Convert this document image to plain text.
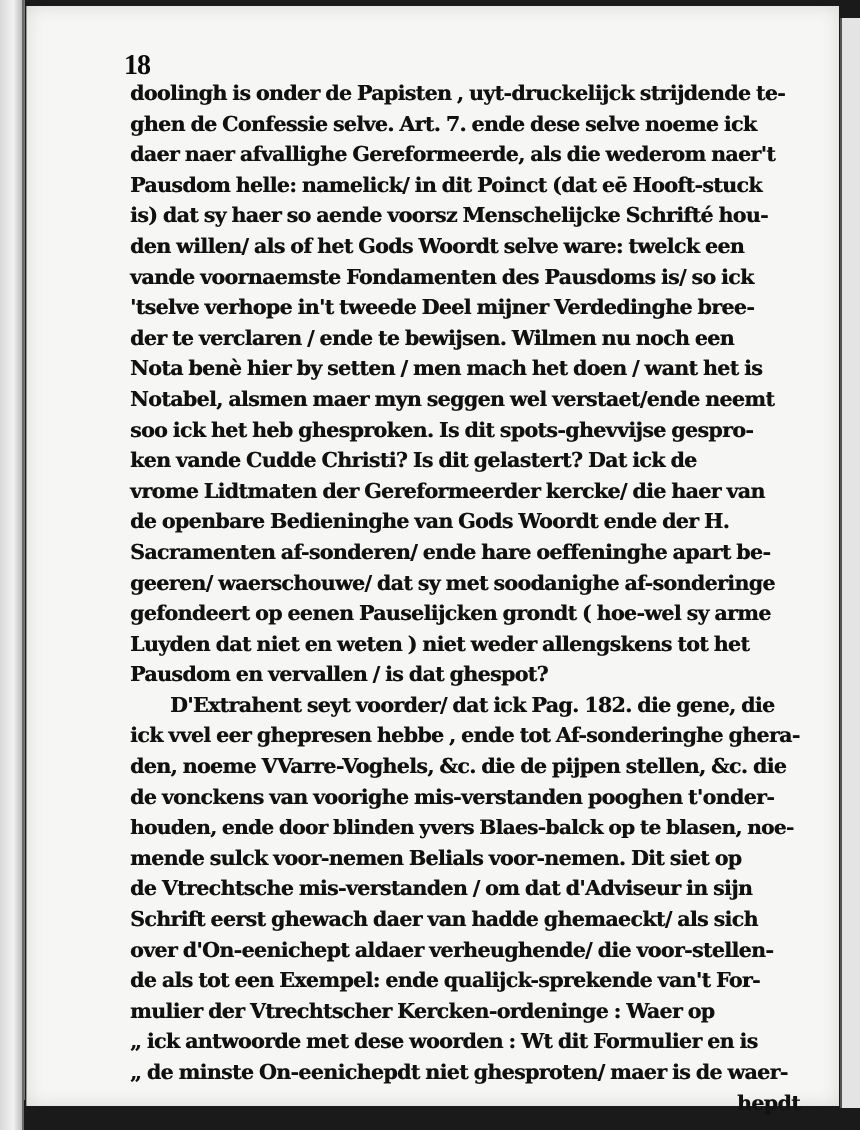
18
doolingh is onder de Papisten , uyt-druckelijck strijdende te-
ghen de Confessie selve. Art. 7. ende dese selve noeme ick
daer naer afvallighe Gereformeerde, als die wederom naer't
Pausdom helle: namelick/ in dit Poinct (dat eē Hooft-stuck
is) dat sy haer so aende voorsz Menschelijcke Schrifté hou-
den willen/ als of het Gods Woordt selve ware: twelck een
vande voornaemste Fondamenten des Pausdoms is/ so ick
'tselve verhope in't tweede Deel mijner Verdedinghe bree-
der te verclaren / ende te bewijsen. Wilmen nu noch een
Nota benè hier by setten / men mach het doen / want het is
Notabel, alsmen maer myn seggen wel verstaet/ende neemt
soo ick het heb ghesproken. Is dit spots-ghevvijse gespro-
ken vande Cudde Christi? Is dit gelastert? Dat ick de
vrome Lidtmaten der Gereformeerder kercke/ die haer van
de openbare Bedieninghe van Gods Woordt ende der H.
Sacramenten af-sonderen/ ende hare oeffeninghe apart be-
geeren/ waerschouwe/ dat sy met soodanighe af-sonderinge
gefondeert op eenen Pauselijcken grondt ( hoe-wel sy arme
Luyden dat niet en weten ) niet weder allengskens tot het
Pausdom en vervallen / is dat ghespot?
D'Extrahent seyt voorder/ dat ick Pag. 182. die gene, die
ick vvel eer ghepresen hebbe , ende tot Af-sonderinghe ghera-
den, noeme VVarre-Voghels, &c. die de pijpen stellen, &c. die
de vonckens van voorighe mis-verstanden pooghen t'onder-
houden, ende door blinden yvers Blaes-balck op te blasen, noe-
mende sulck voor-nemen Belials voor-nemen. Dit siet op
de Vtrechtsche mis-verstanden / om dat d'Adviseur in sijn
Schrift eerst ghewach daer van hadde ghemaeckt/ als sich
over d'On-eenichept aldaer verheughende/ die voor-stellen-
de als tot een Exempel: ende qualijck-sprekende van't For-
mulier der Vtrechtscher Kercken-ordeninge : Waer op
„ ick antwoorde met dese woorden : Wt dit Formulier en is
„ de minste On-eenichepdt niet ghesproten/ maer is de waer-
hepdt
